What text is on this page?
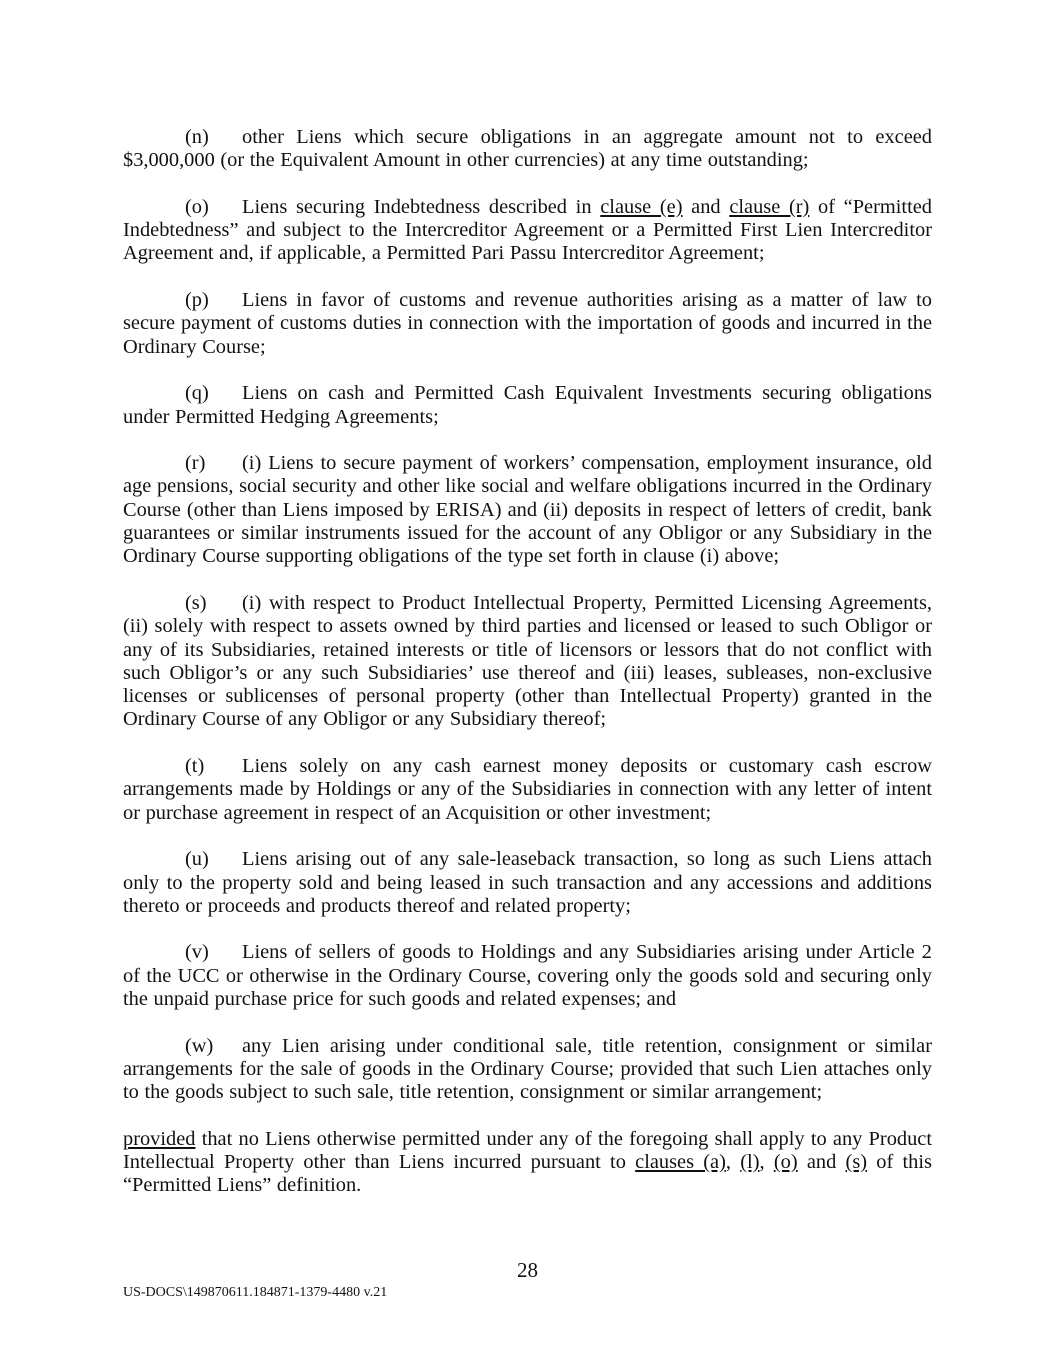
(n) other Liens which secure obligations in an aggregate amount not to exceed $3,000,000 (or the Equivalent Amount in other currencies) at any time outstanding;

(o) Liens securing Indebtedness described in clause (e) and clause (r) of “Permitted Indebtedness” and subject to the Intercreditor Agreement or a Permitted First Lien Intercreditor Agreement and, if applicable, a Permitted Pari Passu Intercreditor Agreement;

(p) Liens in favor of customs and revenue authorities arising as a matter of law to secure payment of customs duties in connection with the importation of goods and incurred in the Ordinary Course;

(q) Liens on cash and Permitted Cash Equivalent Investments securing obligations under Permitted Hedging Agreements;

(r) (i) Liens to secure payment of workers’ compensation, employment insurance, old age pensions, social security and other like social and welfare obligations incurred in the Ordinary Course (other than Liens imposed by ERISA) and (ii) deposits in respect of letters of credit, bank guarantees or similar instruments issued for the account of any Obligor or any Subsidiary in the Ordinary Course supporting obligations of the type set forth in clause (i) above;

(s) (i) with respect to Product Intellectual Property, Permitted Licensing Agreements, (ii) solely with respect to assets owned by third parties and licensed or leased to such Obligor or any of its Subsidiaries, retained interests or title of licensors or lessors that do not conflict with such Obligor’s or any such Subsidiaries’ use thereof and (iii) leases, subleases, non-exclusive licenses or sublicenses of personal property (other than Intellectual Property) granted in the Ordinary Course of any Obligor or any Subsidiary thereof;

(t) Liens solely on any cash earnest money deposits or customary cash escrow arrangements made by Holdings or any of the Subsidiaries in connection with any letter of intent or purchase agreement in respect of an Acquisition or other investment;

(u) Liens arising out of any sale-leaseback transaction, so long as such Liens attach only to the property sold and being leased in such transaction and any accessions and additions thereto or proceeds and products thereof and related property;

(v) Liens of sellers of goods to Holdings and any Subsidiaries arising under Article 2 of the UCC or otherwise in the Ordinary Course, covering only the goods sold and securing only the unpaid purchase price for such goods and related expenses; and

(w) any Lien arising under conditional sale, title retention, consignment or similar arrangements for the sale of goods in the Ordinary Course; provided that such Lien attaches only to the goods subject to such sale, title retention, consignment or similar arrangement;

provided that no Liens otherwise permitted under any of the foregoing shall apply to any Product Intellectual Property other than Liens incurred pursuant to clauses (a), (l), (o) and (s) of this “Permitted Liens” definition.

28
US-DOCS\149870611.184871-1379-4480 v.21
